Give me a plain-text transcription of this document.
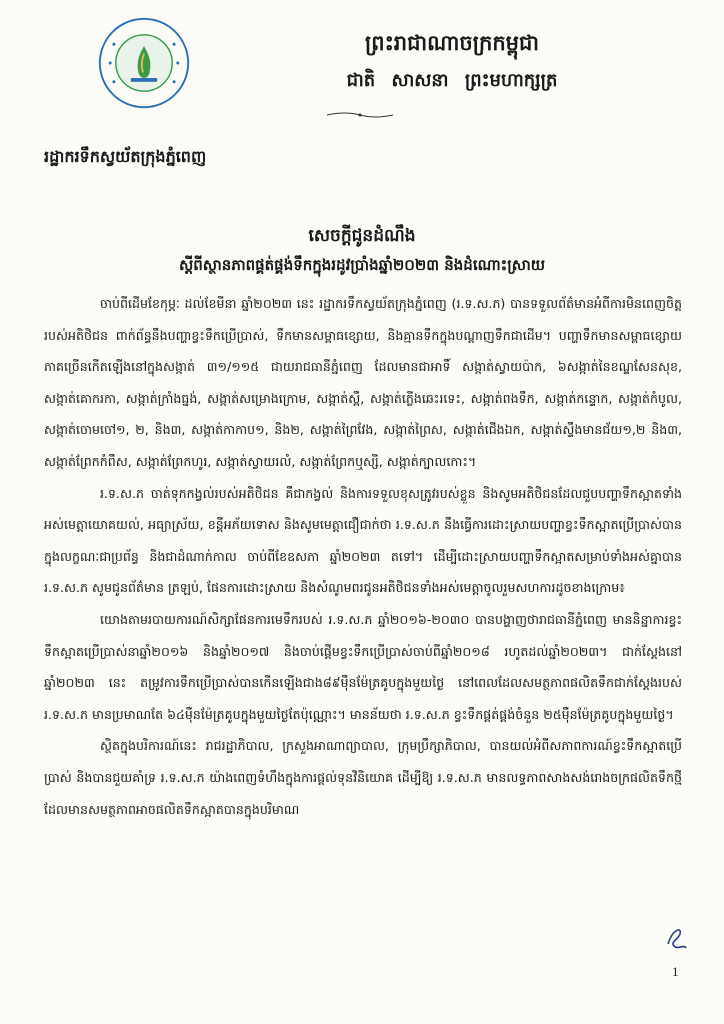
ព្រះរាជាណាចក្រកម្ពុជា
ជាតិ សាសនា ព្រះមហាក្សត្រ
រដ្ឋាករទឹកស្វយ័តក្រុងភ្នំពេញ
សេចក្តីជូនដំណឹង
ស្តីពីស្ថានភាពផ្គត់ផ្គង់ទឹកក្នុងរដូវប្រាំងឆ្នាំ២០២៣ និងដំណោះស្រាយ

ចាប់ពីដើមខែកុម្ភៈ ដល់ខែមីនា ឆ្នាំ២០២៣ នេះ រដ្ឋាករទឹកស្វយ័តក្រុងភ្នំពេញ (រ.ទ.ស.ភ) បានទទួលព័ត៌មានអំពីការមិនពេញចិត្តរបស់អតិថិជន ពាក់ព័ន្ធនឹងបញ្ហាខ្វះទឹកប្រើប្រាស់, ទឹកមានសម្ពាធខ្សោយ, និងគ្មានទឹកក្នុងបណ្តាញទឹកជាដើម។ បញ្ហាទឹកមានសម្ពាធខ្សោយ ភាគច្រើនកើតឡើងនៅក្នុងសង្កាត់ ៣១/១១៥ ជាយរាជធានីភ្នំពេញ ដែលមានជាអាទិ៍ សង្កាត់ស្វាយប៉ាក, ៦សង្កាត់នៃខណ្ឌសែនសុខ, សង្កាត់គោករកា, សង្កាត់ក្រាំងធ្នង់, សង្កាត់សម្រោងក្រោម, សង្កាត់ស្ពឺ, សង្កាត់ភ្លើងឆេះរទេះ, សង្កាត់ពងទឹក, សង្កាត់កន្ទោក, សង្កាត់កំបូល, សង្កាត់ចោមចៅ១, ២, និង៣, សង្កាត់កាកាប១, និង២, សង្កាត់ព្រៃវែង, សង្កាត់ព្រៃស, សង្កាត់ជើងឯក, សង្កាត់ស្ទឹងមានជ័យ១,២ និង៣, សង្កាត់ព្រែកកំពឹស, សង្កាត់ព្រែកហូរ, សង្កាត់ស្វាយរលំ, សង្កាត់ព្រែកឬស្សី, សង្កាត់ក្បាលកោះ។

រ.ទ.ស.ភ ចាត់ទុកកង្វល់របស់អតិថិជន គឺជាកង្វល់ និងការទទួលខុសត្រូវរបស់ខ្លួន និងសូមអតិថិជនដែលជួបបញ្ហាទឹកស្អាតទាំងអស់មេត្តាយោគយល់, អធ្យាស្រ័យ, ខន្តីអភ័យទោស និងសូមមេត្តាជឿជាក់ថា រ.ទ.ស.ភ នឹងធ្វើការដោះស្រាយបញ្ហាខ្វះទឹកស្អាតប្រើប្រាស់បាន ក្នុងលក្ខណៈជាប្រព័ន្ធ និងជាដំណាក់កាល ចាប់ពីខែឧសភា ឆ្នាំ២០២៣ តទៅ។ ដើម្បីដោះស្រាយបញ្ហាទឹកស្អាតសម្រាប់ទាំងអស់គ្នាបាន រ.ទ.ស.ភ សូមជូនព័ត៌មាន ត្រឡប់, ផែនការដោះស្រាយ និងសំណូមពរជូនអតិថិជនទាំងអស់មេត្តាចូលរួមសហការដូចខាងក្រោម៖

យោងតាមរបាយការណ៍សិក្សាផែនការមេទឹករបស់ រ.ទ.ស.ភ ឆ្នាំ២០១៦-២០៣០ បានបង្ហាញថារាជធានីភ្នំពេញ មាននិន្នាការខ្វះទឹកស្អាតប្រើប្រាស់នាឆ្នាំ២០១៦ និងឆ្នាំ២០១៧ និងចាប់ផ្តើមខ្វះទឹកប្រើប្រាស់ចាប់ពីឆ្នាំ២០១៨ រហូតដល់ឆ្នាំ២០២៣។ ជាក់ស្តែងនៅឆ្នាំ២០២៣ នេះ តម្រូវការទឹកប្រើប្រាស់បានកើនឡើងជាង៨៩ម៉ឺនម៉ែត្រគូបក្នុងមួយថ្ងៃ នៅពេលដែលសមត្ថភាពផលិតទឹកជាក់ស្តែងរបស់ រ.ទ.ស.ភ មានប្រមាណតែ ៦៤ម៉ឺនម៉ែត្រគូបក្នុងមួយថ្ងៃតែប៉ុណ្ណោះ។ មានន័យថា រ.ទ.ស.ភ ខ្វះទឹកផ្គត់ផ្គង់ចំនួន ២៥ម៉ឺនម៉ែត្រគូបក្នុងមួយថ្ងៃ។

ស្ថិតក្នុងបរិការណ៍នេះ រាជរដ្ឋាភិបាល, ក្រសួងអាណាព្យាបាល, ក្រុមប្រឹក្សាភិបាល, បានយល់អំពីសភាពការណ៍ខ្វះទឹកស្អាតប្រើប្រាស់ និងបានជួយគាំទ្រ រ.ទ.ស.ភ យ៉ាងពេញទំហឹងក្នុងការផ្តល់ទុនវិនិយោគ ដើម្បីឱ្យ រ.ទ.ស.ភ មានលទ្ធភាពសាងសង់រោងចក្រផលិតទឹកថ្មី ដែលមានសមត្ថភាពអាចផលិតទឹកស្អាតបានក្នុងបរិមាណ

1
